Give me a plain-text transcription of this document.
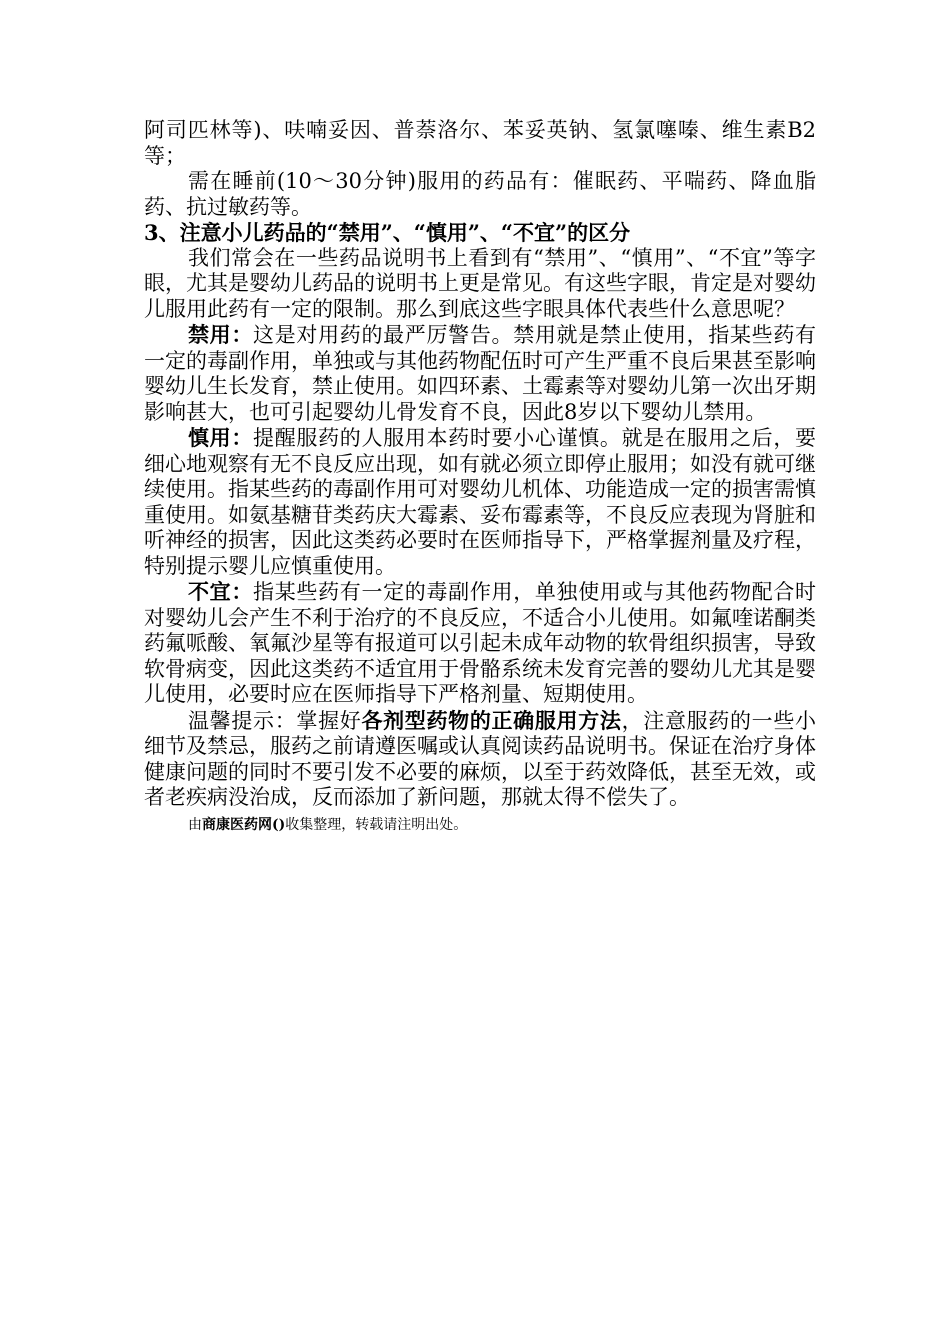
阿司匹林等)、呋喃妥因、普萘洛尔、苯妥英钠、氢氯噻嗪、维生素B2等；

需在睡前(10～30分钟)服用的药品有：催眠药、平喘药、降血脂药、抗过敏药等。

3、注意小儿药品的“禁用”、“慎用”、“不宜”的区分

我们常会在一些药品说明书上看到有“禁用”、“慎用”、“不宜”等字眼，尤其是婴幼儿药品的说明书上更是常见。有这些字眼，肯定是对婴幼儿服用此药有一定的限制。那么到底这些字眼具体代表些什么意思呢？

禁用：这是对用药的最严厉警告。禁用就是禁止使用，指某些药有一定的毒副作用，单独或与其他药物配伍时可产生严重不良后果甚至影响婴幼儿生长发育，禁止使用。如四环素、土霉素等对婴幼儿第一次出牙期影响甚大，也可引起婴幼儿骨发育不良，因此8岁以下婴幼儿禁用。

慎用：提醒服药的人服用本药时要小心谨慎。就是在服用之后，要细心地观察有无不良反应出现，如有就必须立即停止服用；如没有就可继续使用。指某些药的毒副作用可对婴幼儿机体、功能造成一定的损害需慎重使用。如氨基糖苷类药庆大霉素、妥布霉素等，不良反应表现为肾脏和听神经的损害，因此这类药必要时在医师指导下，严格掌握剂量及疗程，特别提示婴儿应慎重使用。

不宜：指某些药有一定的毒副作用，单独使用或与其他药物配合时对婴幼儿会产生不利于治疗的不良反应，不适合小儿使用。如氟喹诺酮类药氟哌酸、氧氟沙星等有报道可以引起未成年动物的软骨组织损害，导致软骨病变，因此这类药不适宜用于骨骼系统未发育完善的婴幼儿尤其是婴儿使用，必要时应在医师指导下严格剂量、短期使用。

温馨提示：掌握好各剂型药物的正确服用方法，注意服药的一些小细节及禁忌，服药之前请遵医嘱或认真阅读药品说明书。保证在治疗身体健康问题的同时不要引发不必要的麻烦，以至于药效降低，甚至无效，或者老疾病没治成，反而添加了新问题，那就太得不偿失了。

由商康医药网()收集整理，转载请注明出处。
